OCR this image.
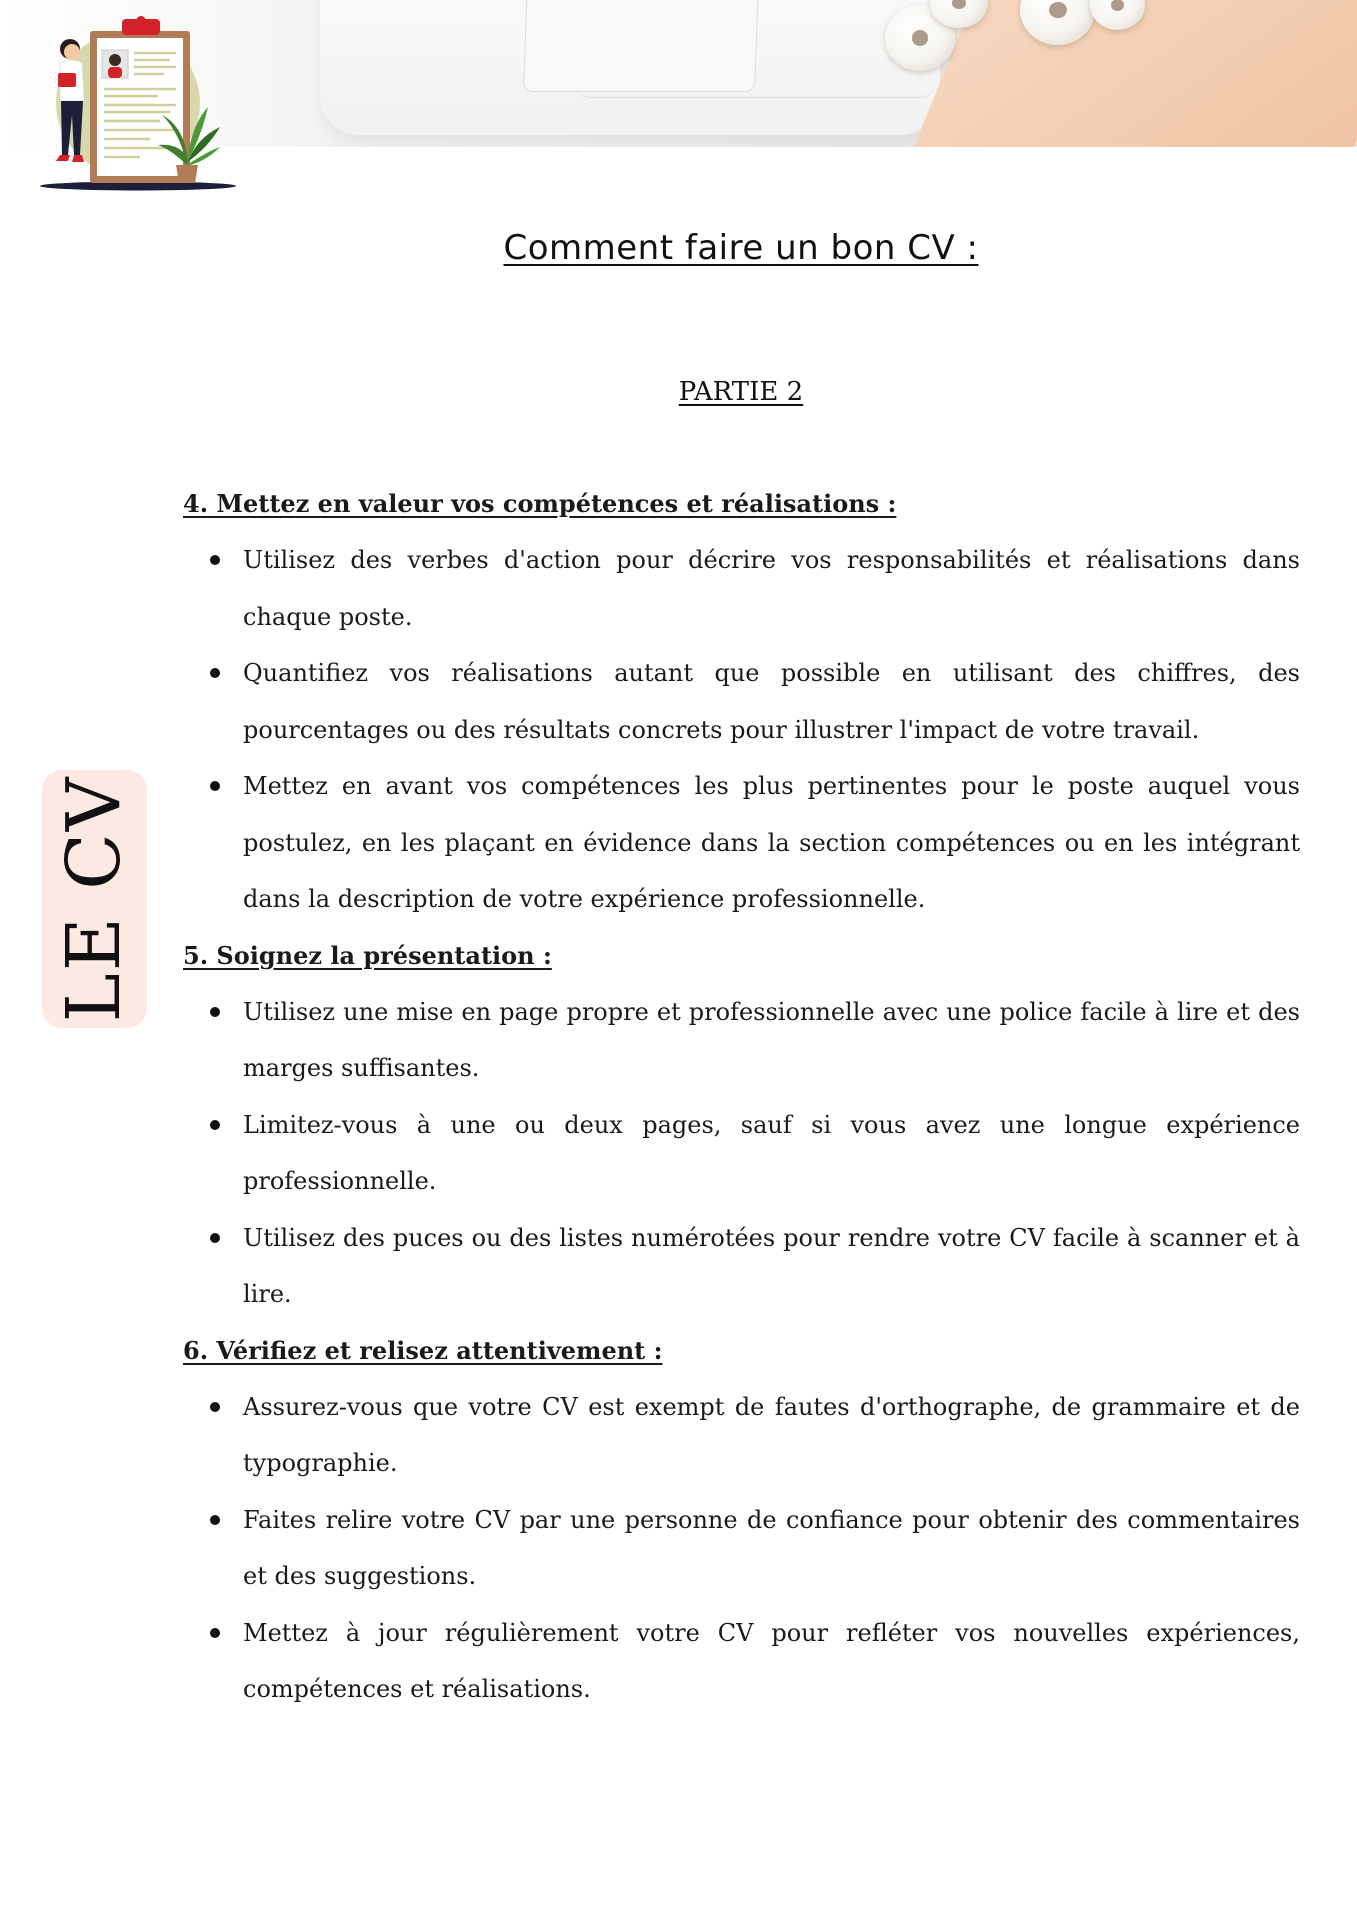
Comment faire un bon CV :
PARTIE 2
LE CV
4. Mettez en valeur vos compétences et réalisations :
Utilisez des verbes d'action pour décrire vos responsabilités et réalisations dans chaque poste.
Quantifiez vos réalisations autant que possible en utilisant des chiffres, des pourcentages ou des résultats concrets pour illustrer l'impact de votre travail.
Mettez en avant vos compétences les plus pertinentes pour le poste auquel vous postulez, en les plaçant en évidence dans la section compétences ou en les intégrant dans la description de votre expérience professionnelle.
5. Soignez la présentation :
Utilisez une mise en page propre et professionnelle avec une police facile à lire et des marges suffisantes.
Limitez-vous à une ou deux pages, sauf si vous avez une longue expérience professionnelle.
Utilisez des puces ou des listes numérotées pour rendre votre CV facile à scanner et à lire.
6. Vérifiez et relisez attentivement :
Assurez-vous que votre CV est exempt de fautes d'orthographe, de grammaire et de typographie.
Faites relire votre CV par une personne de confiance pour obtenir des commentaires et des suggestions.
Mettez à jour régulièrement votre CV pour refléter vos nouvelles expériences, compétences et réalisations.
